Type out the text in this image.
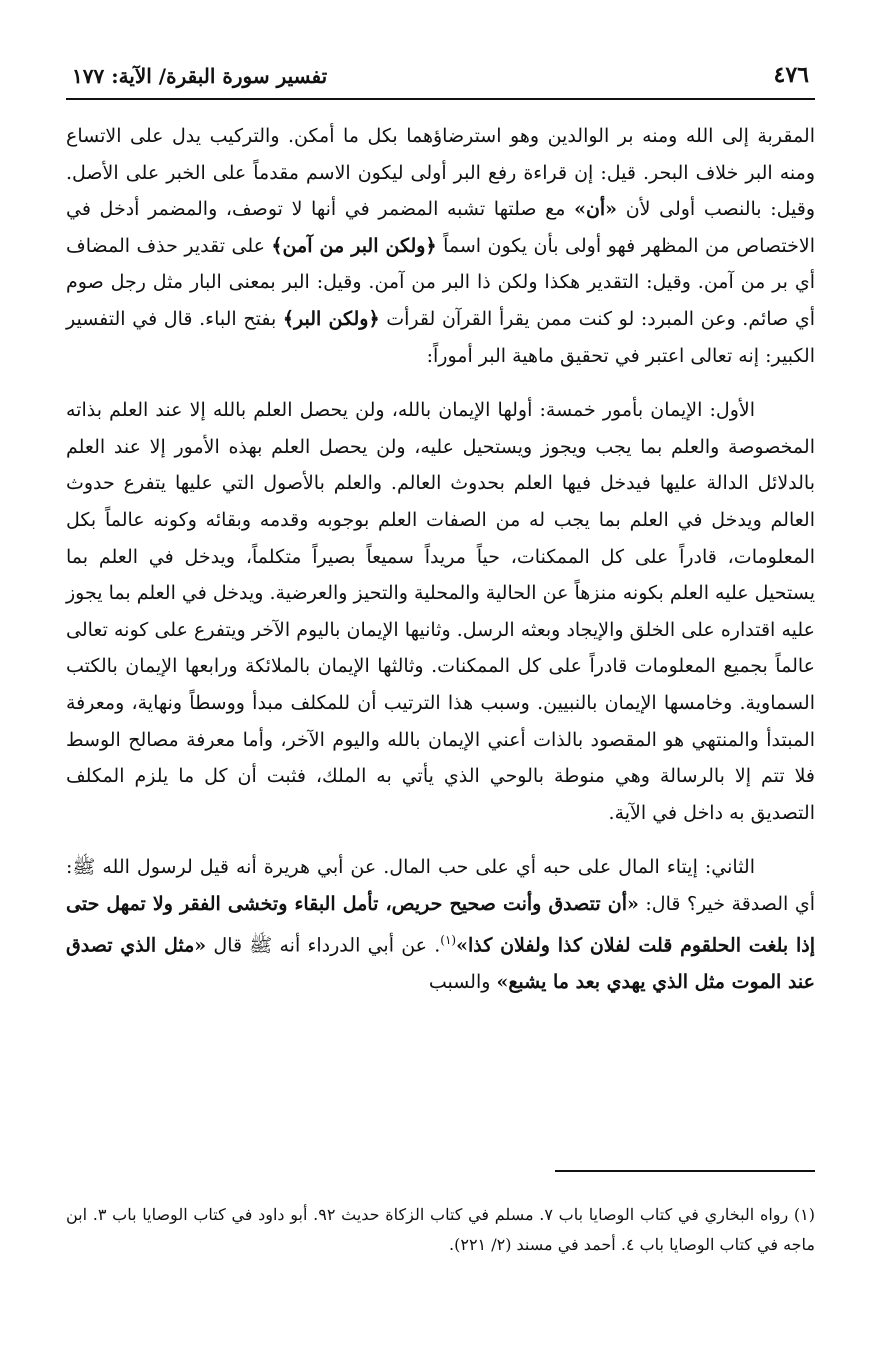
٤٧٦
تفسير سورة البقرة/ الآية: ١٧٧

المقربة إلى الله ومنه بر الوالدين وهو استرضاؤهما بكل ما أمكن. والتركيب يدل على الاتساع ومنه البر خلاف البحر. قيل: إن قراءة رفع البر أولى ليكون الاسم مقدماً على الخبر على الأصل. وقيل: بالنصب أولى لأن «أن» مع صلتها تشبه المضمر في أنها لا توصف، والمضمر أدخل في الاختصاص من المظهر فهو أولى بأن يكون اسماً ﴿ولكن البر من آمن﴾ على تقدير حذف المضاف أي بر من آمن. وقيل: التقدير هكذا ولكن ذا البر من آمن. وقيل: البر بمعنى البار مثل رجل صوم أي صائم. وعن المبرد: لو كنت ممن يقرأ القرآن لقرأت ﴿ولكن البر﴾ بفتح الباء. قال في التفسير الكبير: إنه تعالى اعتبر في تحقيق ماهية البر أموراً:

الأول: الإيمان بأمور خمسة: أولها الإيمان بالله، ولن يحصل العلم بالله إلا عند العلم بذاته المخصوصة والعلم بما يجب ويجوز ويستحيل عليه، ولن يحصل العلم بهذه الأمور إلا عند العلم بالدلائل الدالة عليها فيدخل فيها العلم بحدوث العالم. والعلم بالأصول التي عليها يتفرع حدوث العالم ويدخل في العلم بما يجب له من الصفات العلم بوجوبه وقدمه وبقائه وكونه عالماً بكل المعلومات، قادراً على كل الممكنات، حياً مريداً سميعاً بصيراً متكلماً، ويدخل في العلم بما يستحيل عليه العلم بكونه منزهاً عن الحالية والمحلية والتحيز والعرضية. ويدخل في العلم بما يجوز عليه اقتداره على الخلق والإيجاد وبعثه الرسل. وثانيها الإيمان باليوم الآخر ويتفرع على كونه تعالى عالماً بجميع المعلومات قادراً على كل الممكنات. وثالثها الإيمان بالملائكة ورابعها الإيمان بالكتب السماوية. وخامسها الإيمان بالنبيين. وسبب هذا الترتيب أن للمكلف مبدأ ووسطاً ونهاية، ومعرفة المبتدأ والمنتهي هو المقصود بالذات أعني الإيمان بالله واليوم الآخر، وأما معرفة مصالح الوسط فلا تتم إلا بالرسالة وهي منوطة بالوحي الذي يأتي به الملك، فثبت أن كل ما يلزم المكلف التصديق به داخل في الآية.

الثاني: إيتاء المال على حبه أي على حب المال. عن أبي هريرة أنه قيل لرسول الله ﷺ: أي الصدقة خير؟ قال: «أن تتصدق وأنت صحيح حريص، تأمل البقاء وتخشى الفقر ولا تمهل حتى إذا بلغت الحلقوم قلت لفلان كذا ولفلان كذا»$^{(١)}$. عن أبي الدرداء أنه ﷺ قال «مثل الذي تصدق عند الموت مثل الذي يهدي بعد ما يشبع» والسبب

(١) رواه البخاري في كتاب الوصايا باب ٧. مسلم في كتاب الزكاة حديث ٩٢. أبو داود في كتاب الوصايا باب ٣. ابن ماجه في كتاب الوصايا باب ٤. أحمد في مسند (٢/ ٢٢١).
